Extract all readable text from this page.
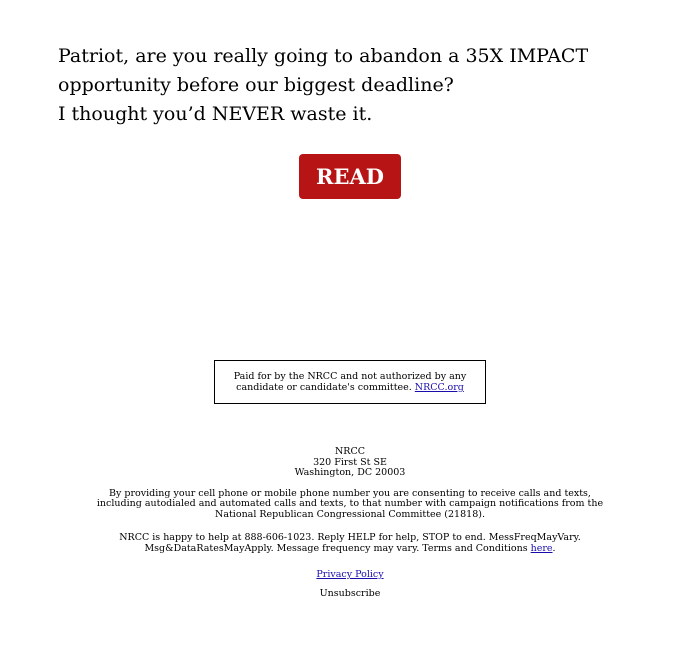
Patriot, are you really going to abandon a 35X IMPACT
opportunity before our biggest deadline?
I thought you’d NEVER waste it.
READ
Paid for by the NRCC and not authorized by any
candidate or candidate's committee. NRCC.org
NRCC
320 First St SE
Washington, DC 20003

By providing your cell phone or mobile phone number you are consenting to receive calls and texts, including autodialed and automated calls and texts, to that number with campaign notifications from the National Republican Congressional Committee (21818).

NRCC is happy to help at 888-606-1023. Reply HELP for help, STOP to end. MessFreqMayVary. Msg&DataRatesMayApply. Message frequency may vary. Terms and Conditions here.

Privacy Policy

Unsubscribe
